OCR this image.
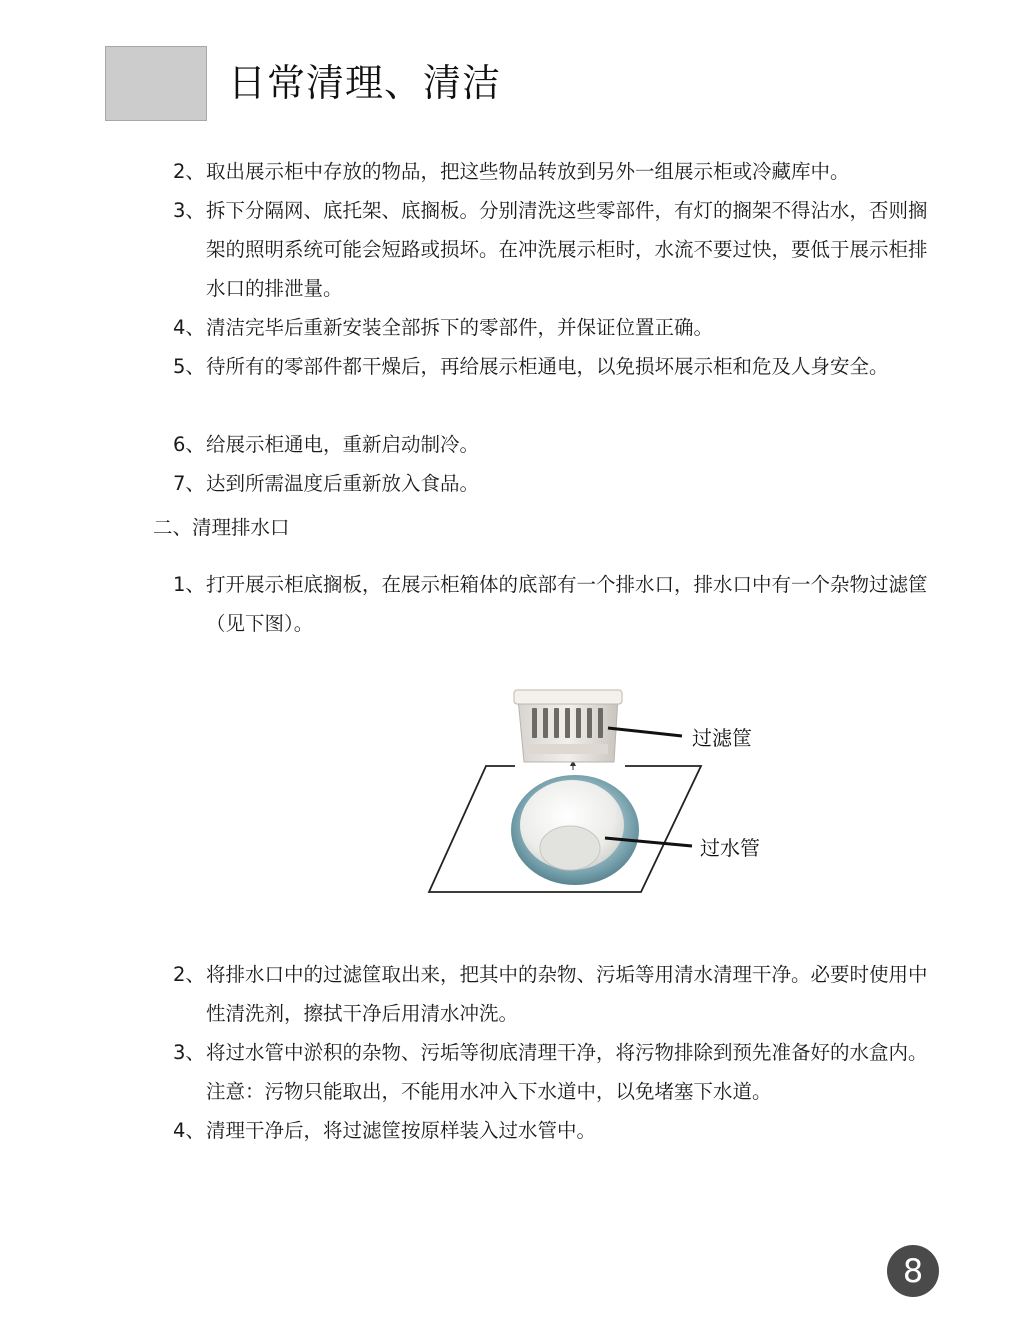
日常清理、清洁
2、 取出展示柜中存放的物品，把这些物品转放到另外一组展示柜或冷藏库中。
3、 拆下分隔网、底托架、底搁板。分别清洗这些零部件，有灯的搁架不得沾水，否则搁架的照明系统可能会短路或损坏。在冲洗展示柜时，水流不要过快，要低于展示柜排水口的排泄量。
4、 清洁完毕后重新安装全部拆下的零部件，并保证位置正确。
5、 待所有的零部件都干燥后，再给展示柜通电，以免损坏展示柜和危及人身安全。
6、 给展示柜通电，重新启动制冷。
7、 达到所需温度后重新放入食品。
二、清理排水口
1、 打开展示柜底搁板，在展示柜箱体的底部有一个排水口，排水口中有一个杂物过滤筐（见下图）。
过滤筐
过水管
2、 将排水口中的过滤筐取出来，把其中的杂物、污垢等用清水清理干净。必要时使用中性清洗剂，擦拭干净后用清水冲洗。
3、 将过水管中淤积的杂物、污垢等彻底清理干净，将污物排除到预先准备好的水盒内。注意：污物只能取出，不能用水冲入下水道中，以免堵塞下水道。
4、 清理干净后，将过滤筐按原样装入过水管中。
8
